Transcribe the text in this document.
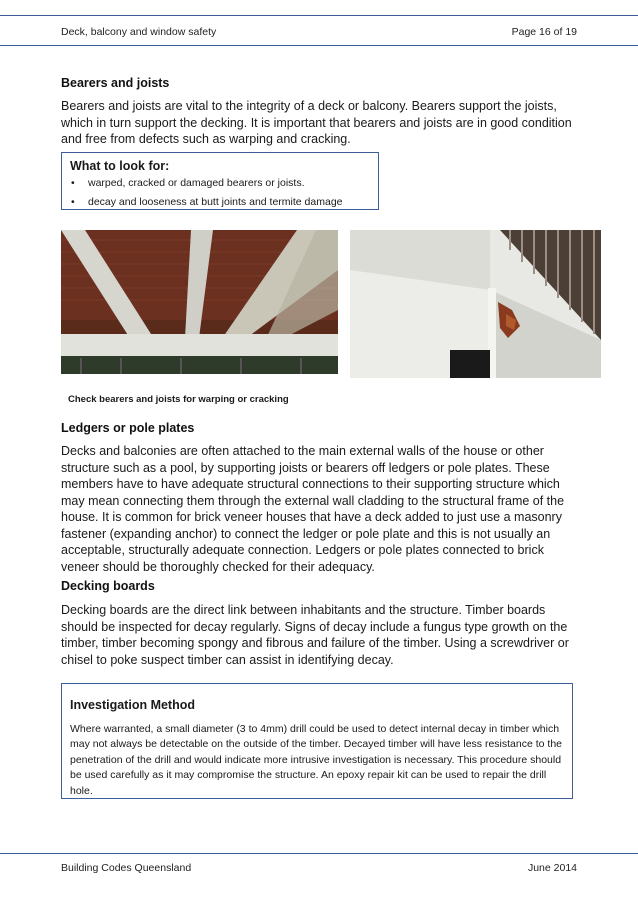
Deck, balcony and window safety	Page 16 of 19
Bearers and joists

Bearers and joists are vital to the integrity of a deck or balcony. Bearers support the joists, which in turn support the decking. It is important that bearers and joists are in good condition and free from defects such as warping and cracking.

What to look for:
• warped, cracked or damaged bearers or joists.
• decay and looseness at butt joints and termite damage
Check bearers and joists for warping or cracking
Ledgers or pole plates

Decks and balconies are often attached to the main external walls of the house or other structure such as a pool, by supporting joists or bearers off ledgers or pole plates. These members have to have adequate structural connections to their supporting structure which may mean connecting them through the external wall cladding to the structural frame of the house. It is common for brick veneer houses that have a deck added to just use a masonry fastener (expanding anchor) to connect the ledger or pole plate and this is not usually an acceptable, structurally adequate connection. Ledgers or pole plates connected to brick veneer should be thoroughly checked for their adequacy.

Decking boards

Decking boards are the direct link between inhabitants and the structure. Timber boards should be inspected for decay regularly. Signs of decay include a fungus type growth on the timber, timber becoming spongy and fibrous and failure of the timber. Using a screwdriver or chisel to poke suspect timber can assist in identifying decay.

Investigation Method

Where warranted, a small diameter (3 to 4mm) drill could be used to detect internal decay in timber which may not always be detectable on the outside of the timber. Decayed timber will have less resistance to the penetration of the drill and would indicate more intrusive investigation is necessary. This procedure should be used carefully as it may compromise the structure. An epoxy repair kit can be used to repair the drill hole.

Building Codes Queensland	June 2014
